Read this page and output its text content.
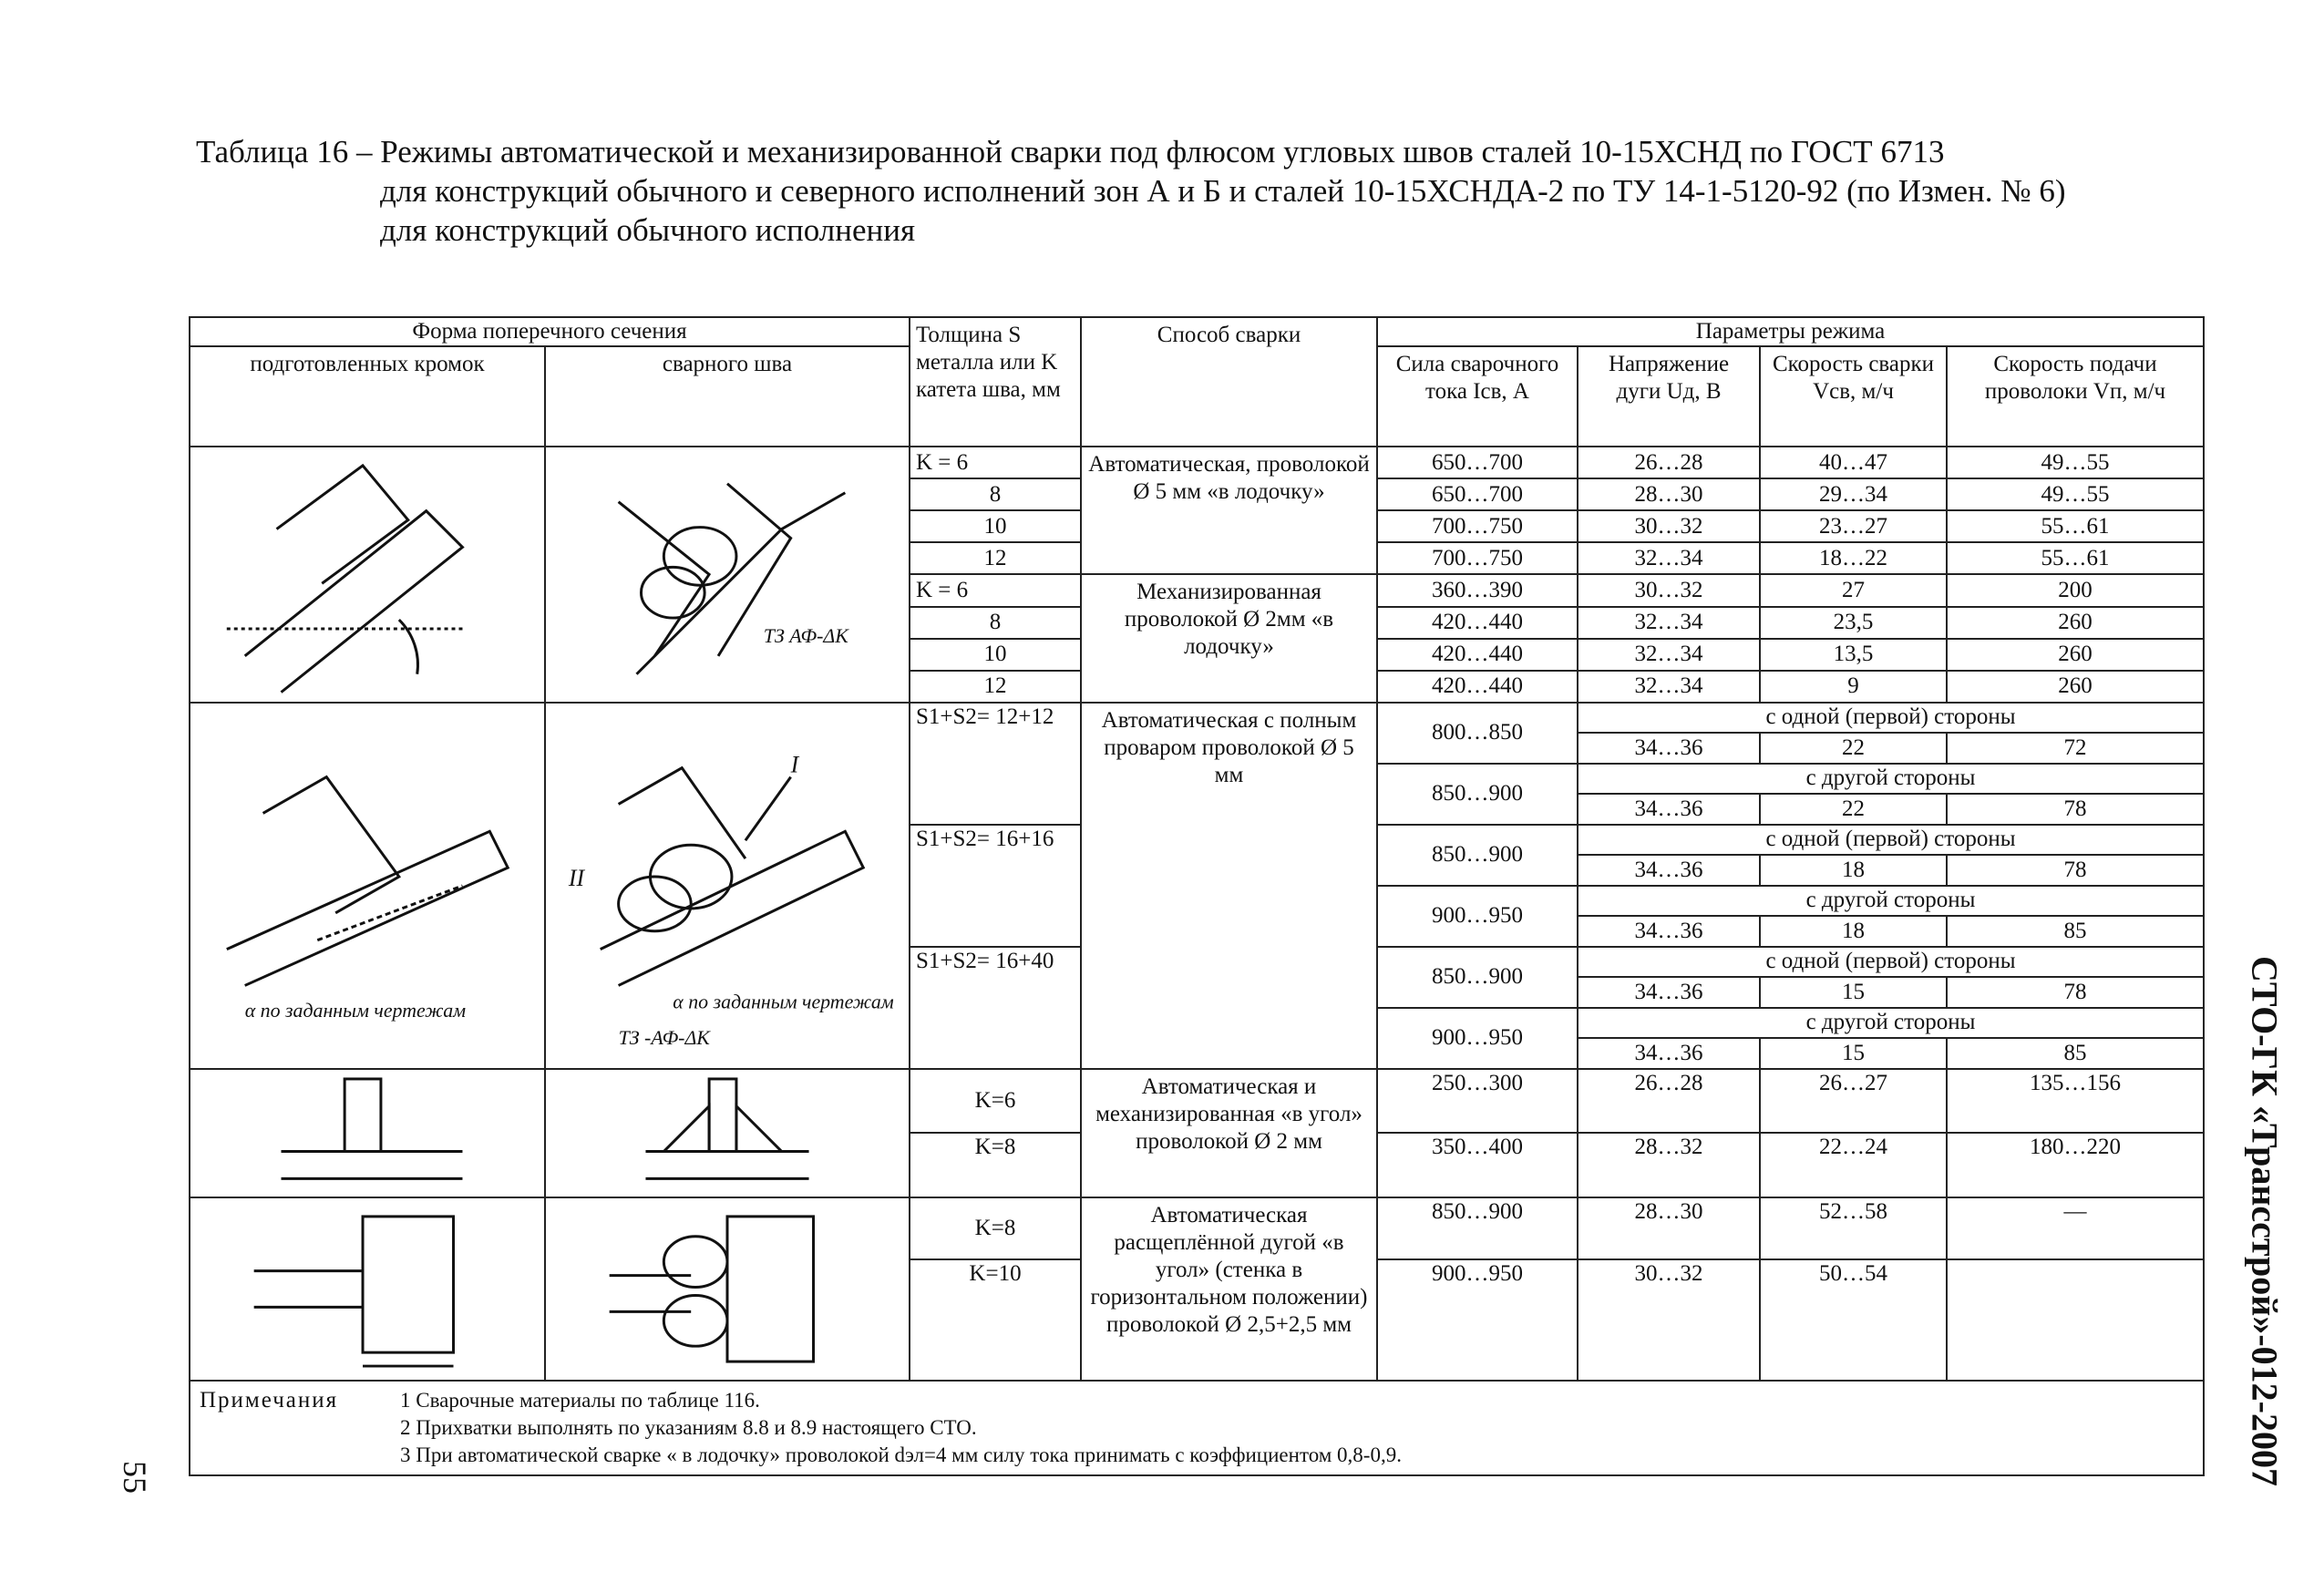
Таблица 16 – Режимы автоматической и механизированной сварки под флюсом угловых швов сталей 10-15ХСНД по ГОСТ 6713
для конструкций обычного и северного исполнений зон А и Б и сталей 10-15ХСНДА-2 по ТУ 14-1-5120-92 (по Измен. № 6)
для конструкций обычного исполнения
Форма поперечного сечения		Толщина S металла или K катета шва, мм	Способ сварки	Параметры режима			
подготовленных кромок	сварного шва			Сила сварочного тока Iсв, А	Напряжение дуги Uд, В	Скорость сварки Vсв, м/ч	Скорость подачи проволоки Vп, м/ч

ТЗ АФ-ΔК	K = 6	Автоматическая, проволокой Ø 5 мм «в лодочку»	650…700	26…28	40…47	49…55
		8		650…700	28…30	29…34	49…55
		10		700…750	30…32	23…27	55…61
		12		700…750	32…34	18…22	55…61
		K = 6	Механизированная проволокой Ø 2мм «в лодочку»	360…390	30…32	27	200
		8		420…440	32…34	23,5	260
		10		420…440	32…34	13,5	260
		12		420…440	32…34	9	260

α по заданным чертежам	I
II
α по заданным чертежам
ТЗ -АФ-ΔК	S1+S2= 12+12	Автоматическая с полным проваром проволокой Ø 5 мм	800…850	с одной (первой) стороны		
					34…36	22	72
				850…900	с другой стороны		
					34…36	22	78
		S1+S2= 16+16		850…900	с одной (первой) стороны		
					34…36	18	78
				900…950	с другой стороны		
					34…36	18	85
		S1+S2= 16+40		850…900	с одной (первой) стороны		
					34…36	15	78
				900…950	с другой стороны		
					34…36	15	85

	K=6	Автоматическая и механизированная «в угол» проволокой Ø 2 мм	250…300	26…28	26…27	135…156
		K=8		350…400	28…32	22…24	180…220

	K=8	Автоматическая расщеплённой дугой «в угол» (стенка в горизонтальном положении) проволокой Ø 2,5+2,5 мм	850…900	28…30	52…58	—
		K=10		900…950	30…32	50…54	

Примечания 1 Сварочные материалы по таблице 116.
2 Прихватки выполнять по указаниям 8.8 и 8.9 настоящего СТО.
3 При автоматической сварке « в лодочку» проволокой dэл=4 мм силу тока принимать с коэффициентом 0,8-0,9.								СТО-ГК «Трансстрой»-012-2007
55
